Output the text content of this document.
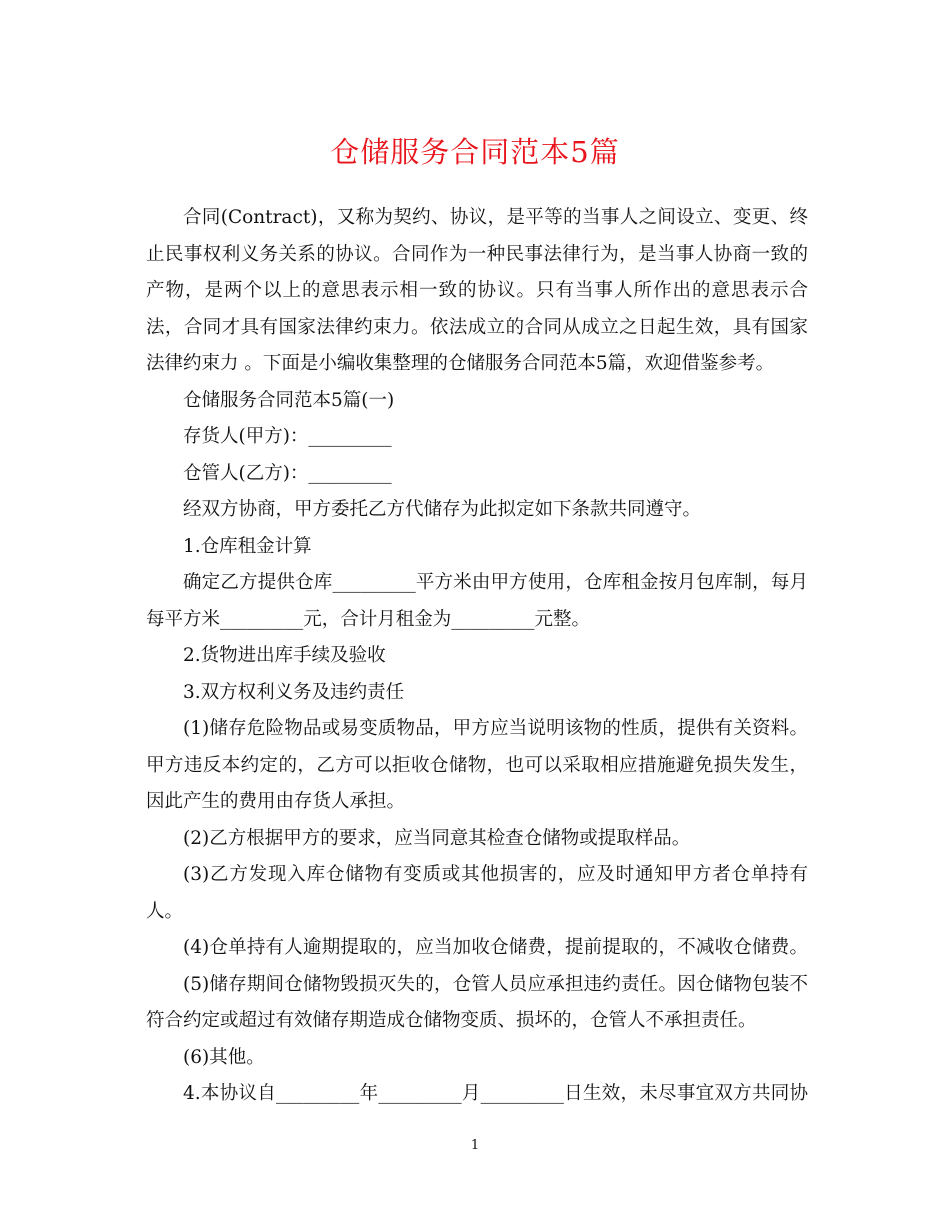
仓储服务合同范本5篇
合同(Contract)，又称为契约、协议，是平等的当事人之间设立、变更、终
止民事权利义务关系的协议。合同作为一种民事法律行为，是当事人协商一致的
产物，是两个以上的意思表示相一致的协议。只有当事人所作出的意思表示合
法，合同才具有国家法律约束力。依法成立的合同从成立之日起生效，具有国家
法律约束力 。下面是小编收集整理的仓储服务合同范本5篇，欢迎借鉴参考。
仓储服务合同范本5篇(一)
存货人(甲方)：_________
仓管人(乙方)：_________
经双方协商，甲方委托乙方代储存为此拟定如下条款共同遵守。
1.仓库租金计算
确定乙方提供仓库_________平方米由甲方使用，仓库租金按月包库制，每月
每平方米_________元，合计月租金为_________元整。
2.货物进出库手续及验收
3.双方权利义务及违约责任
(1)储存危险物品或易变质物品，甲方应当说明该物的性质，提供有关资料。
甲方违反本约定的，乙方可以拒收仓储物，也可以采取相应措施避免损失发生，
因此产生的费用由存货人承担。
(2)乙方根据甲方的要求，应当同意其检查仓储物或提取样品。
(3)乙方发现入库仓储物有变质或其他损害的，应及时通知甲方者仓单持有
人。
(4)仓单持有人逾期提取的，应当加收仓储费，提前提取的，不减收仓储费。
(5)储存期间仓储物毁损灭失的，仓管人员应承担违约责任。因仓储物包装不
符合约定或超过有效储存期造成仓储物变质、损坏的，仓管人不承担责任。
(6)其他。
4.本协议自_________年_________月_________日生效，未尽事宜双方共同协
1
